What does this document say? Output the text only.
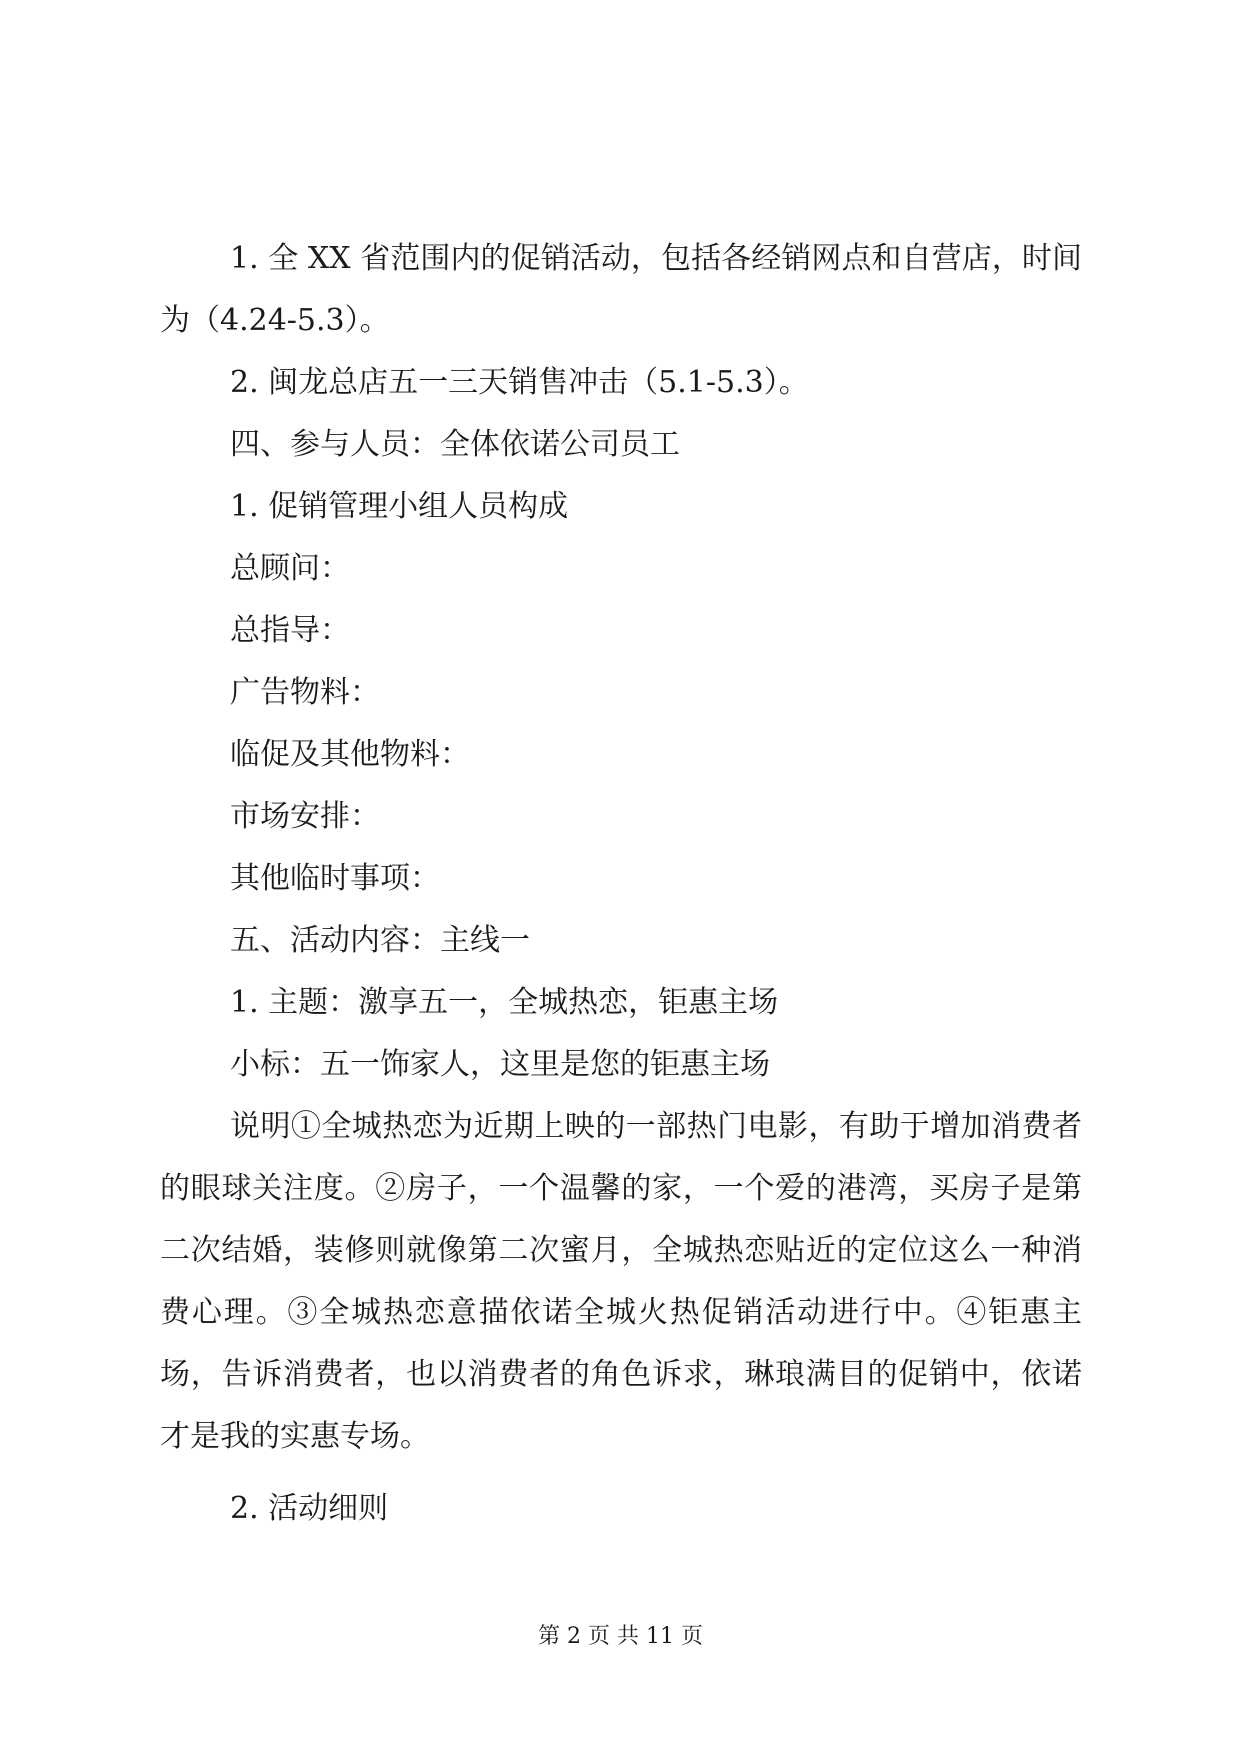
1. 全 XX 省范围内的促销活动，包括各经销网点和自营店，时间为（4.24-5.3）。

2. 闽龙总店五一三天销售冲击（5.1-5.3）。

四、参与人员：全体依诺公司员工

1. 促销管理小组人员构成

总顾问：

总指导：

广告物料：

临促及其他物料：

市场安排：

其他临时事项：

五、活动内容：主线一

1. 主题：激享五一，全城热恋，钜惠主场

小标：五一饰家人，这里是您的钜惠主场

说明①全城热恋为近期上映的一部热门电影，有助于增加消费者的眼球关注度。②房子，一个温馨的家，一个爱的港湾，买房子是第二次结婚，装修则就像第二次蜜月，全城热恋贴近的定位这么一种消费心理。③全城热恋意描依诺全城火热促销活动进行中。④钜惠主场，告诉消费者，也以消费者的角色诉求，琳琅满目的促销中，依诺才是我的实惠专场。

2. 活动细则

第 2 页 共 11 页
